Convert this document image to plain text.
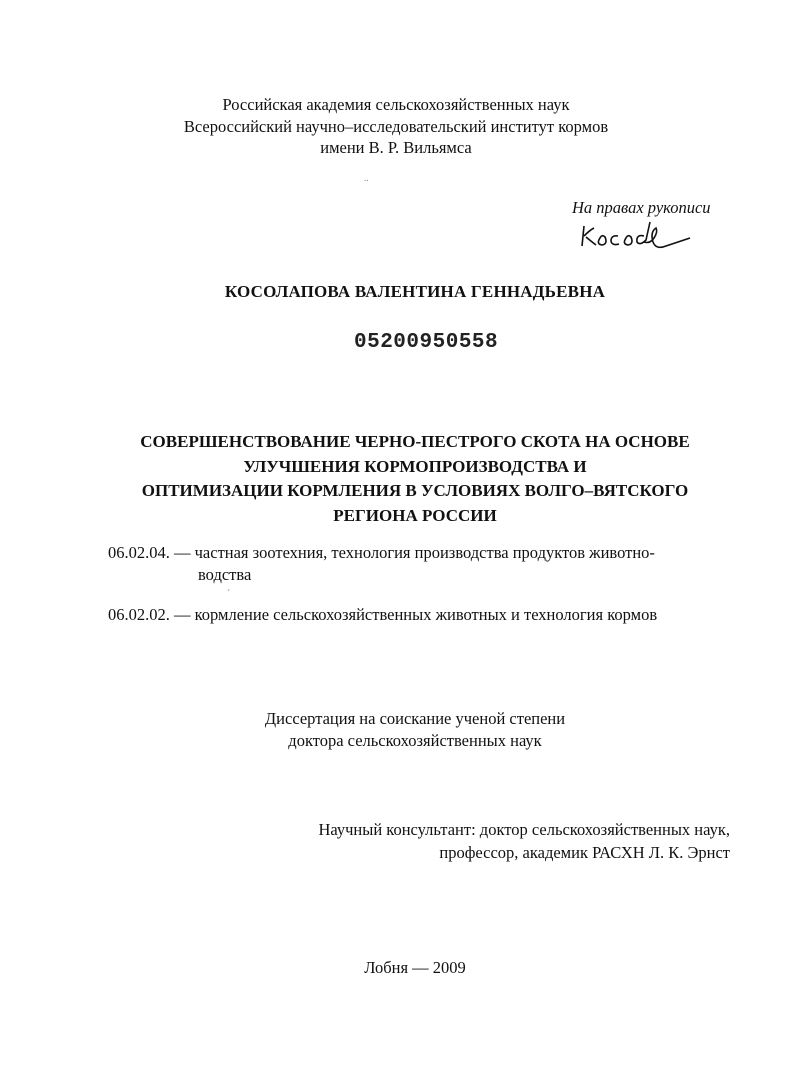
Российская академия сельскохозяйственных наук
Всероссийский научно–исследовательский институт кормов
имени В. Р. Вильямса
..
На правах рукописи
КОСОЛАПОВА ВАЛЕНТИНА ГЕННАДЬЕВНА
05200950558
СОВЕРШЕНСТВОВАНИЕ ЧЕРНО-ПЕСТРОГО СКОТА НА ОСНОВЕ
УЛУЧШЕНИЯ КОРМОПРОИЗВОДСТВА И
ОПТИМИЗАЦИИ КОРМЛЕНИЯ В УСЛОВИЯХ ВОЛГО–ВЯТСКОГО
РЕГИОНА РОССИИ
06.02.04. — частная зоотехния, технология производства продуктов животно-
водства
ˊ
06.02.02. — кормление сельскохозяйственных животных и технология кормов
Диссертация на соискание ученой степени
доктора сельскохозяйственных наук
Научный консультант: доктор сельскохозяйственных наук,
профессор, академик РАСХН Л. К. Эрнст
Лобня — 2009
